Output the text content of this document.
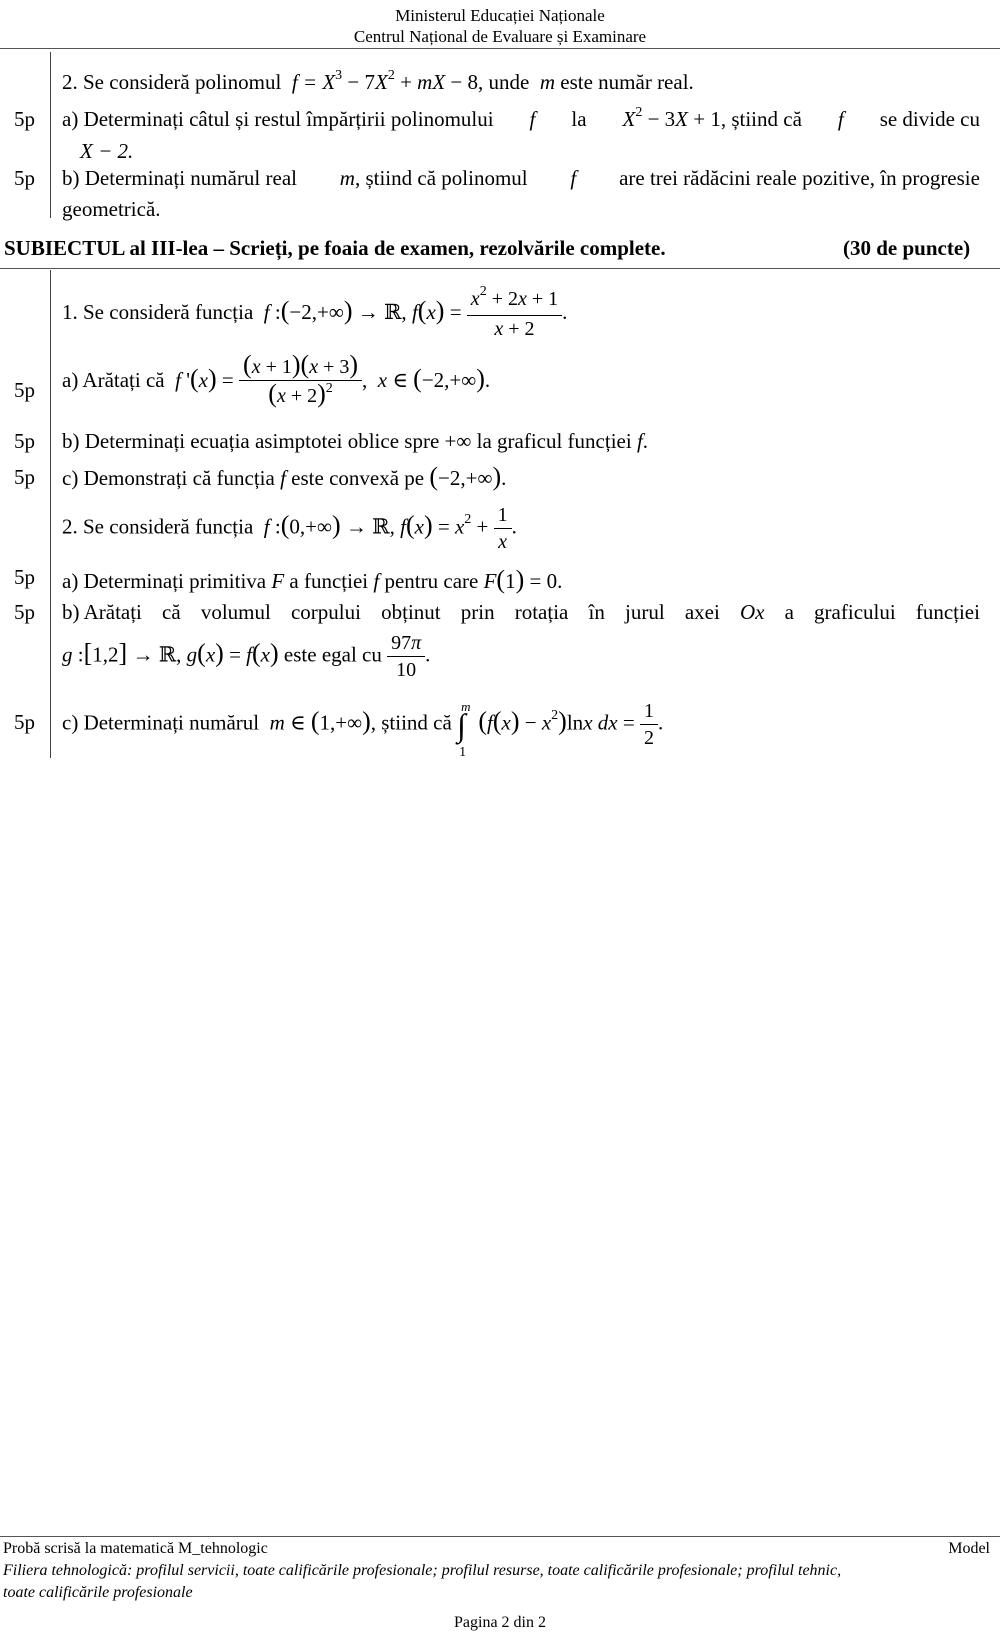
Ministerul Educației Naționale
Centrul Național de Evaluare și Examinare
2. Se consideră polinomul  $f = X^3 - 7X^2$ + mX − 8, unde  m este număr real.
5p a) Determinați câtul și restul împărțirii polinomului f la $X^2 - 3X + 1$, știind că f se divide cu
X − 2.
5p b) Determinați numărul real m, știind că polinomul f are trei rădăcini reale pozitive, în progresie
geometrică.
SUBIECTUL al III-lea – Scrieți, pe foaia de examen, rezolvările complete.	(30 de puncte)
1. Se consideră funcția  f :(−2,+∞) → ℝ, $f(x) = \frac{x^2 + 2x + 1}{x + 2}$ .
5p a) Arătați că  f '$(x) = \frac{(x + 1)(x + 3)}{(x + 2)^2}$ ,  x ∈ (−2,+∞).
5p b) Determinați ecuația asimptotei oblice spre +∞ la graficul funcției f.
5p c) Demonstrați că funcția f este convexă pe (−2,+∞).
2. Se consideră funcția  f :(0,+∞) → ℝ, $f(x) = x^2 + \frac{1}{x}$ .
5p a) Determinați primitiva F a funcției f pentru care F(1) = 0.
5p b) Arătați că volumul corpului obținut prin rotația în jurul axei Ox a graficului funcției
g :[1,2] → ℝ, g(x) = f(x) este egal cu $\frac{97\pi}{10}$ .
5p c) Determinați numărul  m ∈ (1,+∞), știind că ∫
m
1
$(f(x) - x^2)\ln x$ dx = $\frac{1}{2}$ .
Probă scrisă la matematică M_tehnologic	Model
Filiera tehnologică: profilul servicii, toate calificările profesionale; profilul resurse, toate calificările profesionale; profilul tehnic,
toate calificările profesionale
Pagina 2 din 2
